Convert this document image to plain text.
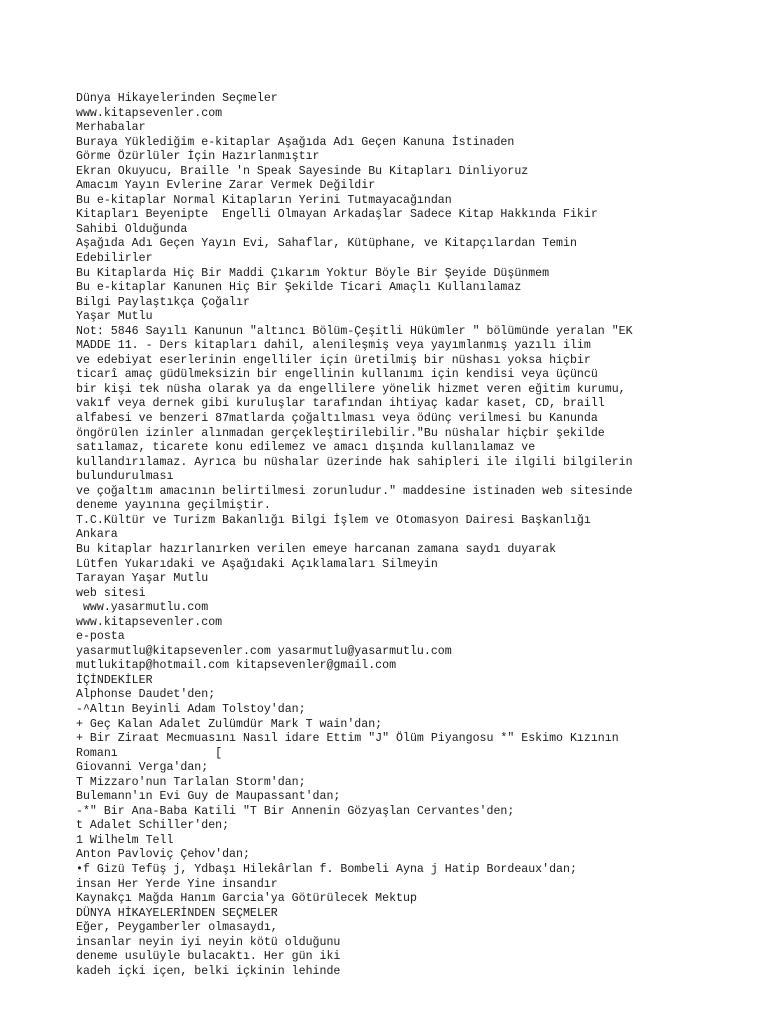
Dünya Hikayelerinden Seçmeler
www.kitapsevenler.com
Merhabalar
Buraya Yüklediğim e-kitaplar Aşağıda Adı Geçen Kanuna İstinaden
Görme Özürlüler İçin Hazırlanmıştır
Ekran Okuyucu, Braille 'n Speak Sayesinde Bu Kitapları Dinliyoruz
Amacım Yayın Evlerine Zarar Vermek Değildir
Bu e-kitaplar Normal Kitapların Yerini Tutmayacağından
Kitapları Beyenipte  Engelli Olmayan Arkadaşlar Sadece Kitap Hakkında Fikir
Sahibi Olduğunda
Aşağıda Adı Geçen Yayın Evi, Sahaflar, Kütüphane, ve Kitapçılardan Temin
Edebilirler
Bu Kitaplarda Hiç Bir Maddi Çıkarım Yoktur Böyle Bir Şeyide Düşünmem
Bu e-kitaplar Kanunen Hiç Bir Şekilde Ticari Amaçlı Kullanılamaz
Bilgi Paylaştıkça Çoğalır
Yaşar Mutlu
Not: 5846 Sayılı Kanunun "altıncı Bölüm-Çeşitli Hükümler " bölümünde yeralan "EK
MADDE 11. - Ders kitapları dahil, alenileşmiş veya yayımlanmış yazılı ilim
ve edebiyat eserlerinin engelliler için üretilmiş bir nüshası yoksa hiçbir
ticarî amaç güdülmeksizin bir engellinin kullanımı için kendisi veya üçüncü
bir kişi tek nüsha olarak ya da engellilere yönelik hizmet veren eğitim kurumu,
vakıf veya dernek gibi kuruluşlar tarafından ihtiyaç kadar kaset, CD, braill
alfabesi ve benzeri 87matlarda çoğaltılması veya ödünç verilmesi bu Kanunda
öngörülen izinler alınmadan gerçekleştirilebilir."Bu nüshalar hiçbir şekilde
satılamaz, ticarete konu edilemez ve amacı dışında kullanılamaz ve
kullandırılamaz. Ayrıca bu nüshalar üzerinde hak sahipleri ile ilgili bilgilerin
bulundurulması
ve çoğaltım amacının belirtilmesi zorunludur." maddesine istinaden web sitesinde
deneme yayınına geçilmiştir.
T.C.Kültür ve Turizm Bakanlığı Bilgi İşlem ve Otomasyon Dairesi Başkanlığı
Ankara
Bu kitaplar hazırlanırken verilen emeye harcanan zamana saydı duyarak
Lütfen Yukarıdaki ve Aşağıdaki Açıklamaları Silmeyin
Tarayan Yaşar Mutlu
web sitesi
www.yasarmutlu.com
www.kitapsevenler.com
e-posta
yasarmutlu@kitapsevenler.com yasarmutlu@yasarmutlu.com
mutlukitap@hotmail.com kitapsevenler@gmail.com
İÇİNDEKİLER
Alphonse Daudet'den;
-^Altın Beyinli Adam Tolstoy'dan;
+ Geç Kalan Adalet Zulümdür Mark T wain'dan;
+ Bir Ziraat Mecmuasını Nasıl idare Ettim "J" Ölüm Piyangosu *" Eskimo Kızının
Romanı              [
Giovanni Verga'dan;
T Mizzaro'nun Tarlalan Storm'dan;
Bulemann'ın Evi Guy de Maupassant'dan;
-*" Bir Ana-Baba Katili "T Bir Annenin Gözyaşlan Cervantes'den;
t Adalet Schiller'den;
1 Wilhelm Tell
Anton Pavloviç Çehov'dan;
•f Gizü Tefüş j, Ydbaşı Hilekârlan f. Bombeli Ayna j Hatip Bordeaux'dan;
insan Her Yerde Yine insandır
Kaynakçı Mağda Hanım Garcia'ya Götürülecek Mektup
DÜNYA HİKAYELERİNDEN SEÇMELER
Eğer, Peygamberler olmasaydı,
insanlar neyin iyi neyin kötü olduğunu
deneme usulüyle bulacaktı. Her gün iki
kadeh içki içen, belki içkinin lehinde
